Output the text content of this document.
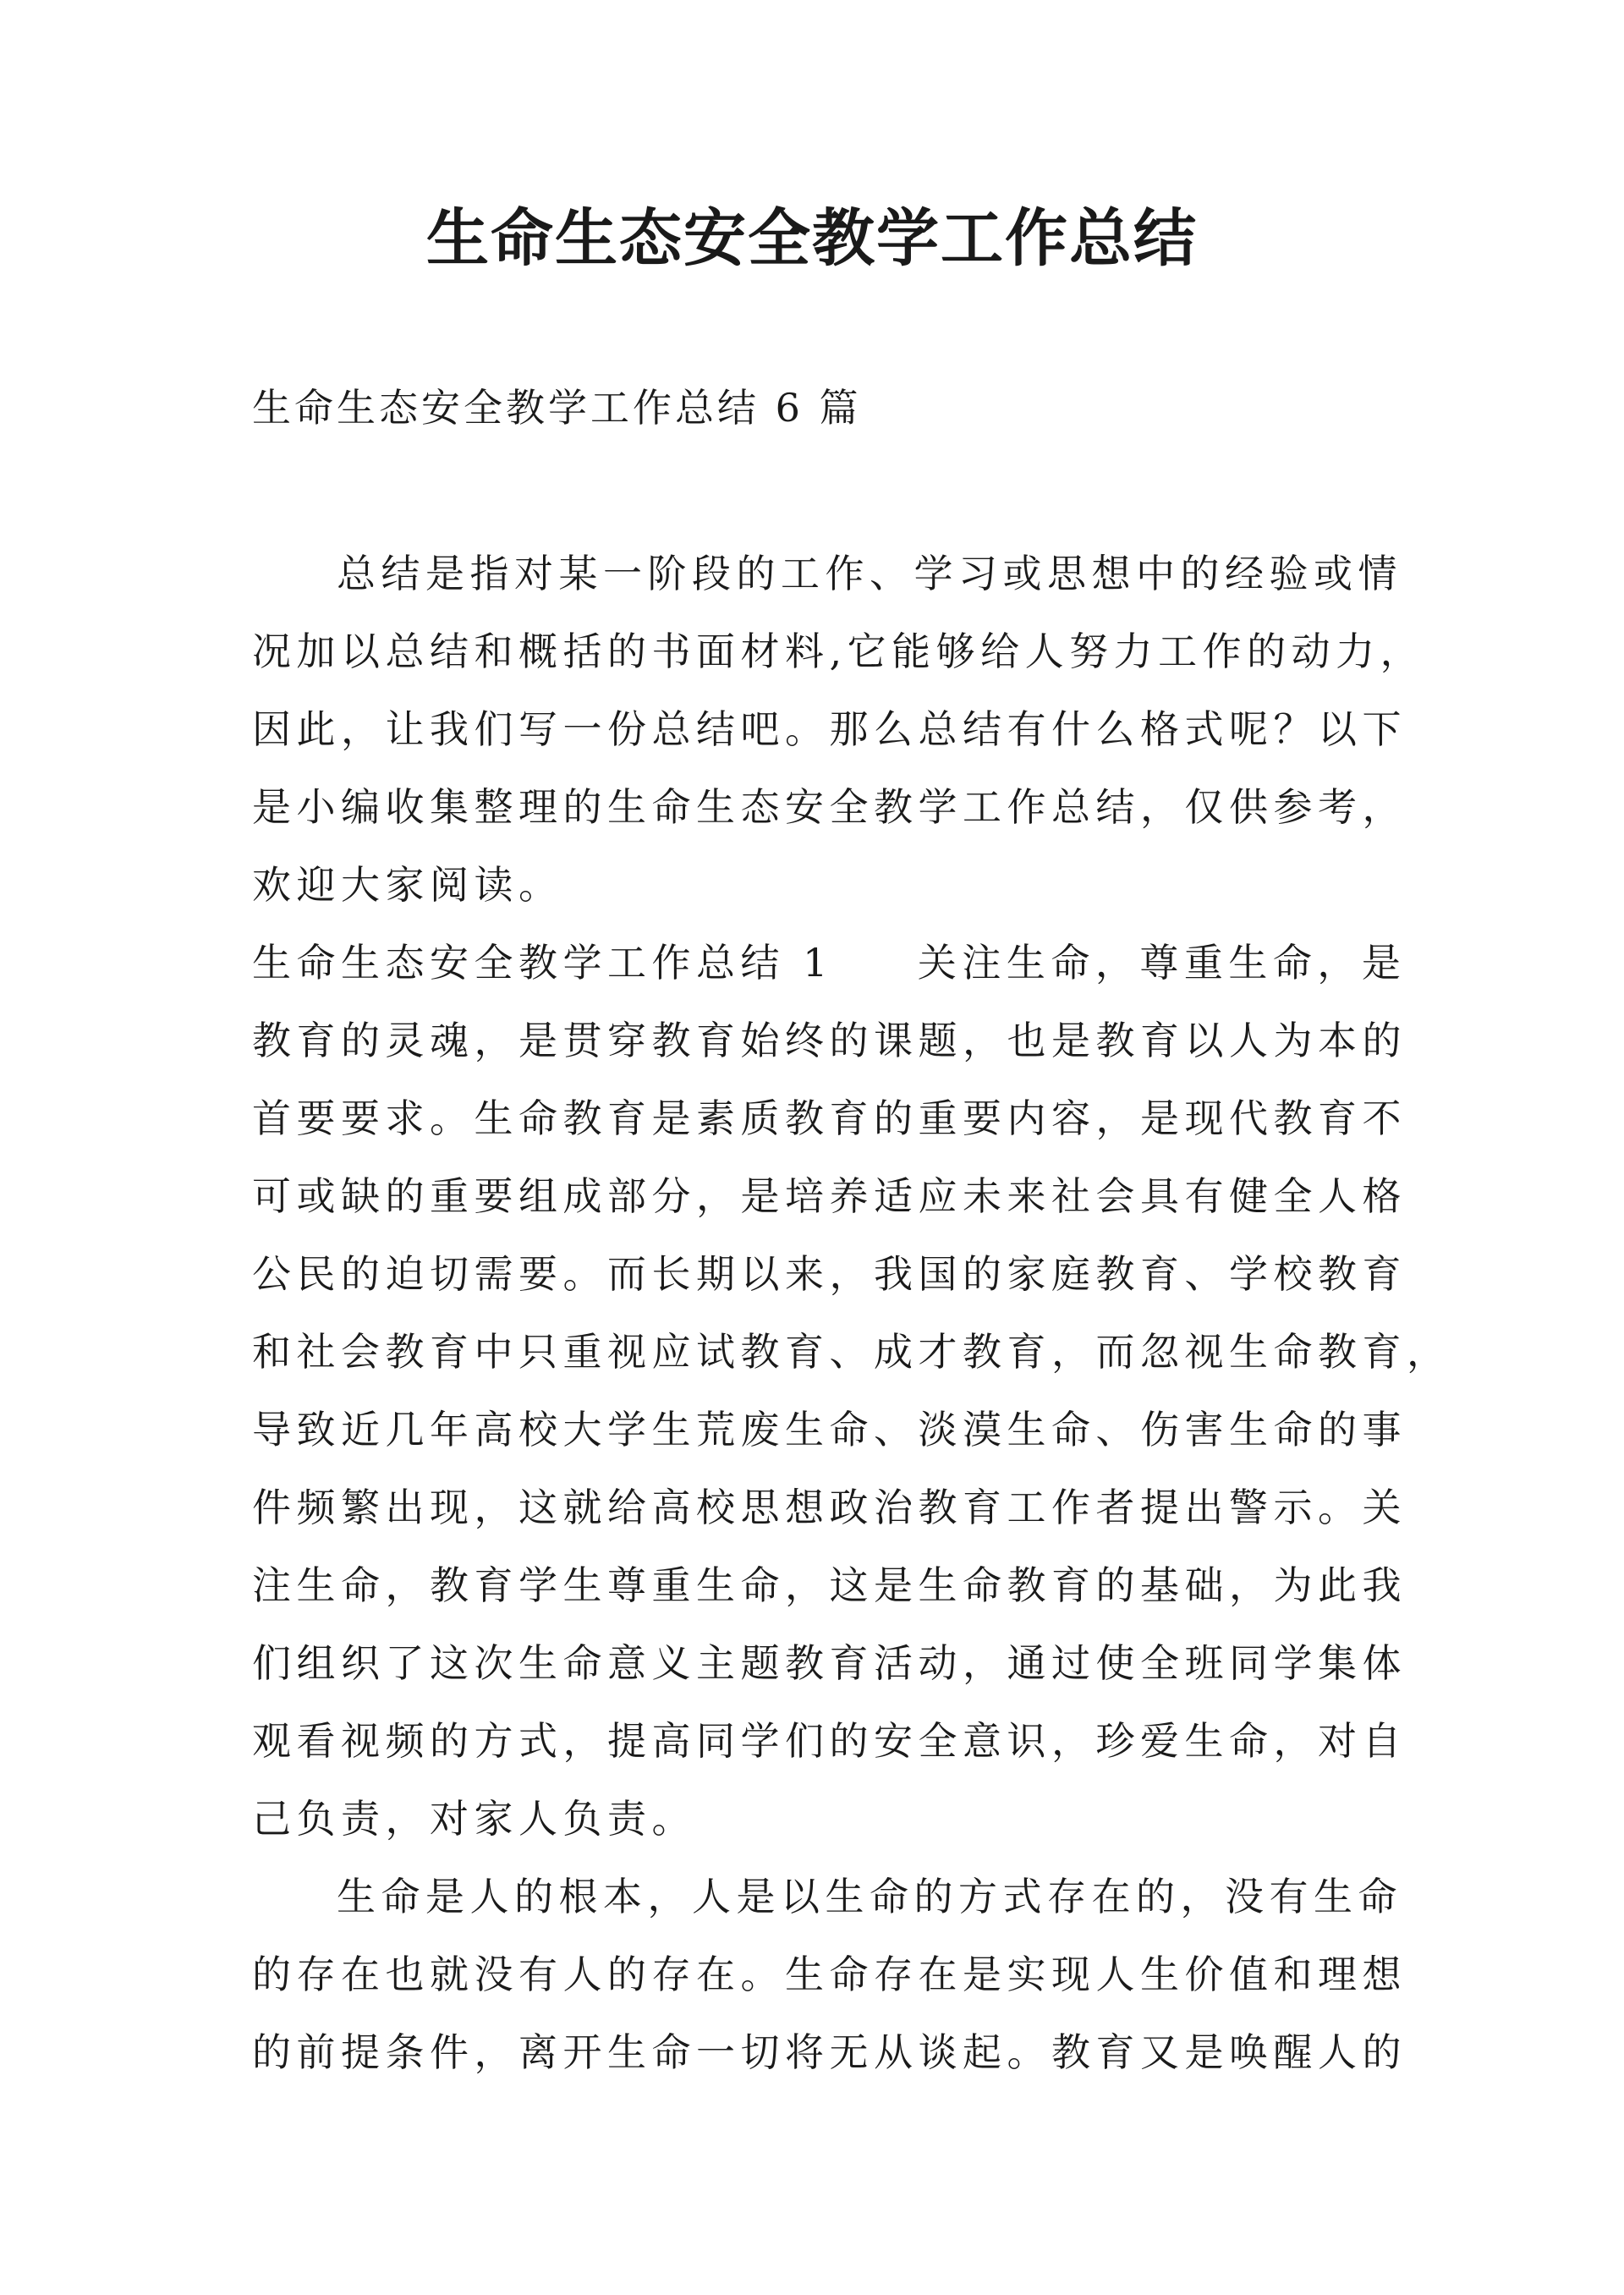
生命生态安全教学工作总结

生命生态安全教学工作总结 6 篇

总结是指对某一阶段的工作、学习或思想中的经验或情

况加以总结和概括的书面材料,它能够给人努力工作的动力，

因此，让我们写一份总结吧。那么总结有什么格式呢？以下

是小编收集整理的生命生态安全教学工作总结，仅供参考，

欢迎大家阅读。

生命生态安全教学工作总结 1 关注生命，尊重生命，是

教育的灵魂，是贯穿教育始终的课题，也是教育以人为本的

首要要求。生命教育是素质教育的重要内容，是现代教育不

可或缺的重要组成部分，是培养适应未来社会具有健全人格

公民的迫切需要。而长期以来，我国的家庭教育、学校教育

和社会教育中只重视应试教育、成才教育，而忽视生命教育，

导致近几年高校大学生荒废生命、淡漠生命、伤害生命的事

件频繁出现，这就给高校思想政治教育工作者提出警示。关

注生命，教育学生尊重生命，这是生命教育的基础，为此我

们组织了这次生命意义主题教育活动，通过使全班同学集体

观看视频的方式，提高同学们的安全意识，珍爱生命，对自

己负责，对家人负责。

生命是人的根本，人是以生命的方式存在的，没有生命

的存在也就没有人的存在。生命存在是实现人生价值和理想

的前提条件，离开生命一切将无从谈起。教育又是唤醒人的
